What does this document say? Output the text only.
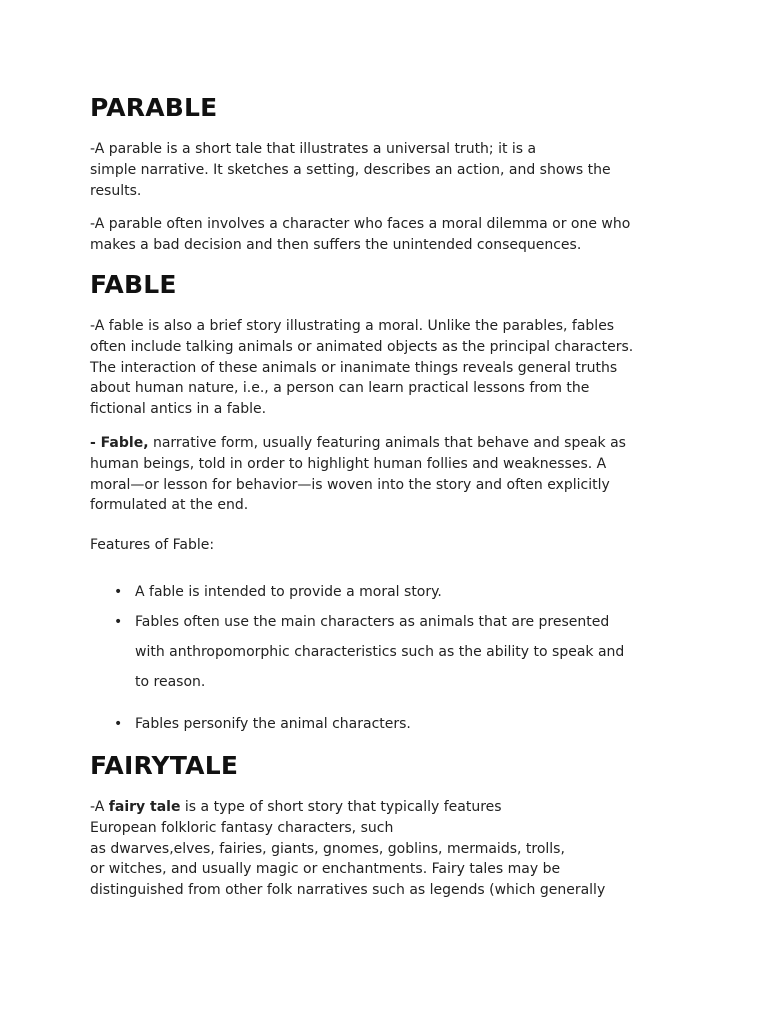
PARABLE

-A parable is a short tale that illustrates a universal truth; it is a
simple narrative. It sketches a setting, describes an action, and shows the
results.

-A parable often involves a character who faces a moral dilemma or one who
makes a bad decision and then suffers the unintended consequences.

FABLE

-A fable is also a brief story illustrating a moral. Unlike the parables, fables
often include talking animals or animated objects as the principal characters.
The interaction of these animals or inanimate things reveals general truths
about human nature, i.e., a person can learn practical lessons from the
fictional antics in a fable.

- Fable, narrative form, usually featuring animals that behave and speak as
human beings, told in order to highlight human follies and weaknesses. A
moral—or lesson for behavior—is woven into the story and often explicitly
formulated at the end.

Features of Fable:

• A fable is intended to provide a moral story.
• Fables often use the main characters as animals that are presented
with anthropomorphic characteristics such as the ability to speak and
to reason.
• Fables personify the animal characters.
FAIRYTALE

-A fairy tale is a type of short story that typically features
European folkloric fantasy characters, such
as dwarves,elves, fairies, giants, gnomes, goblins, mermaids, trolls,
or witches, and usually magic or enchantments. Fairy tales may be
distinguished from other folk narratives such as legends (which generally
